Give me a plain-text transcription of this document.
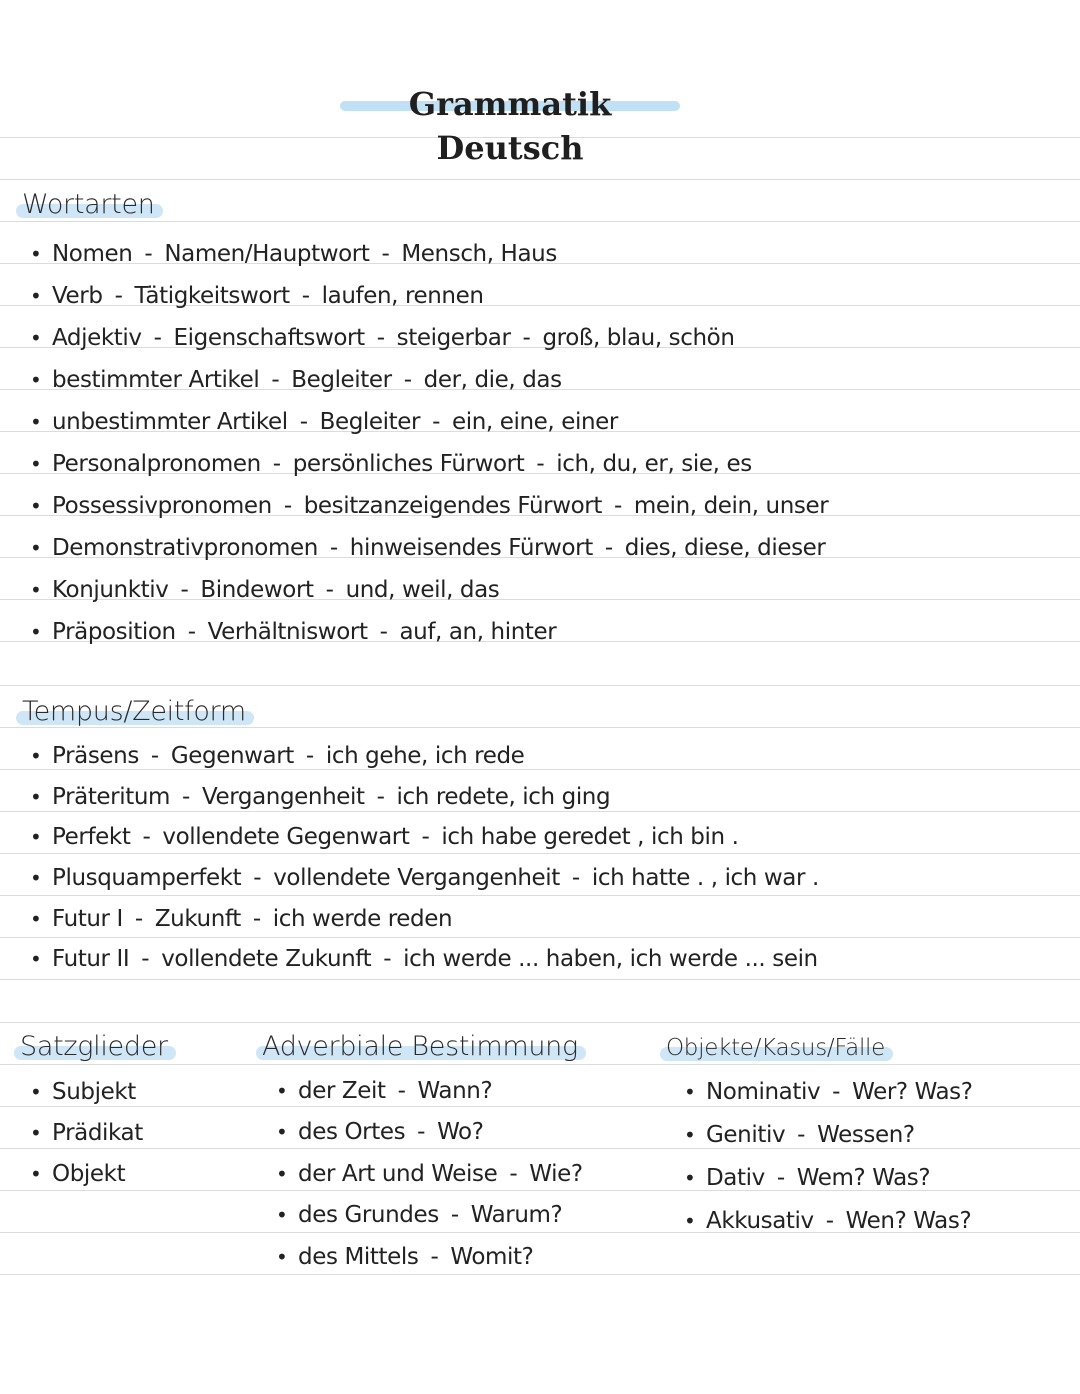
Grammatik Deutsch
Wortarten
• Nomen - Namen/Hauptwort - Mensch, Haus
• Verb - Tätigkeitswort - laufen, rennen
• Adjektiv - Eigenschaftswort - steigerbar - groß, blau, schön
• bestimmter Artikel - Begleiter - der, die, das
• unbestimmter Artikel - Begleiter - ein, eine, einer
• Personalpronomen - persönliches Fürwort - ich, du, er, sie, es
• Possessivpronomen - besitzanzeigendes Fürwort - mein, dein, unser
• Demonstrativpronomen - hinweisendes Fürwort - dies, diese, dieser
• Konjunktiv - Bindewort - und, weil, das
• Präposition - Verhältniswort - auf, an, hinter
Tempus/Zeitform
• Präsens - Gegenwart - ich gehe, ich rede
• Präteritum - Vergangenheit - ich redete, ich ging
• Perfekt - vollendete Gegenwart - ich habe geredet , ich bin .
• Plusquamperfekt - vollendete Vergangenheit - ich hatte . , ich war .
• Futur I - Zukunft - ich werde reden
• Futur II - vollendete Zukunft - ich werde ... haben, ich werde ... sein
Satzglieder
• Subjekt
• Prädikat
• Objekt
Adverbiale Bestimmung
• der Zeit - Wann?
• des Ortes - Wo?
• der Art und Weise - Wie?
• des Grundes - Warum?
• des Mittels - Womit?
Objekte/Kasus/Fälle
• Nominativ - Wer? Was?
• Genitiv - Wessen?
• Dativ - Wem? Was?
• Akkusativ - Wen? Was?
